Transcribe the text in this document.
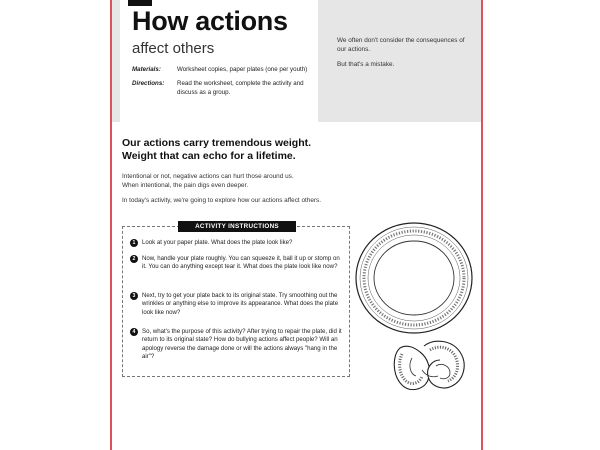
How actions
affect others
Materials:	Worksheet copies, paper plates (one per youth)
Directions:	Read the worksheet, complete the activity and discuss as a group.

We often don't consider the consequences of our actions.

But that's a mistake.

Our actions carry tremendous weight.
Weight that can echo for a lifetime.

Intentional or not, negative actions can hurt those around us.
When intentional, the pain digs even deeper.

In today's activity, we're going to explore how our actions affect others.

ACTIVITY INSTRUCTIONS
1	Look at your paper plate. What does the plate look like?
2	Now, handle your plate roughly. You can squeeze it, ball it up or stomp on it. You can do anything except tear it. What does the plate look like now?
3	Next, try to get your plate back to its original state. Try smoothing out the wrinkles or anything else to improve its appearance. What does the plate look like now?
4	So, what's the purpose of this activity? After trying to repair the plate, did it return to its original state? How do bullying actions affect people? Will an apology reverse the damage done or will the actions always "hang in the air"?
